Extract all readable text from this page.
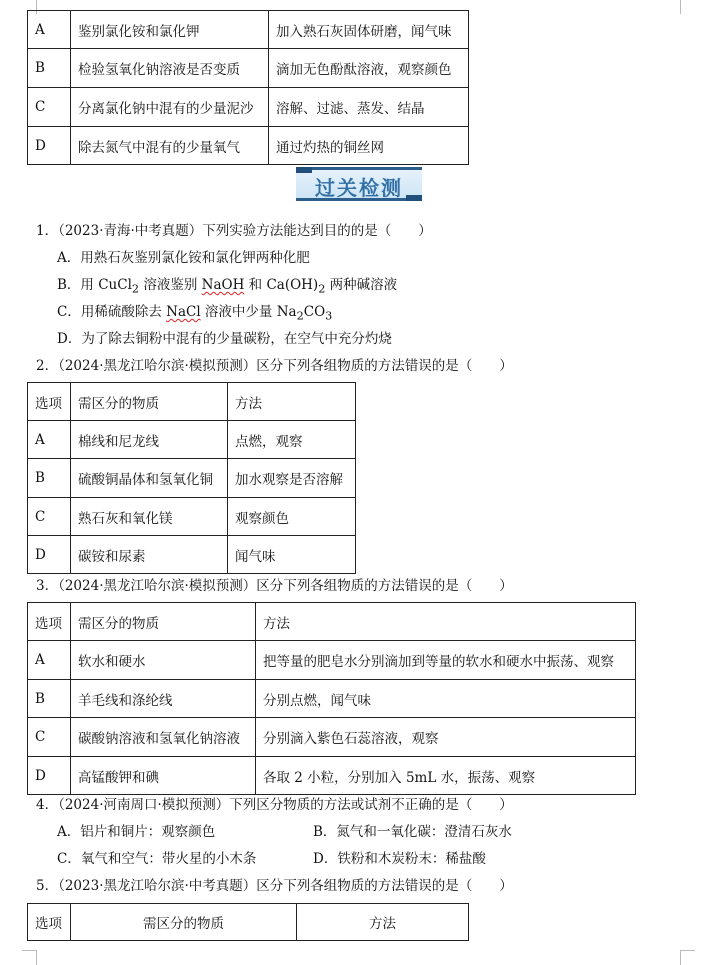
A	鉴别氯化铵和氯化钾	加入熟石灰固体研磨，闻气味
B	检验氢氧化钠溶液是否变质	滴加无色酚酞溶液，观察颜色
C	分离氯化钠中混有的少量泥沙	溶解、过滤、蒸发、结晶
D	除去氮气中混有的少量氧气	通过灼热的铜丝网
过关检测
1．（2023·青海·中考真题）下列实验方法能达到目的的是（　　）
A．用熟石灰鉴别氯化铵和氯化钾两种化肥
B．用 CuCl$_2$ 溶液鉴别 NaOH 和 $Ca(OH)_2$ 两种碱溶液
C．用稀硫酸除去 NaCl 溶液中少量 $Na_2CO_3$
D．为了除去铜粉中混有的少量碳粉，在空气中充分灼烧
2．（2024·黑龙江哈尔滨·模拟预测）区分下列各组物质的方法错误的是（　　）
选项	需区分的物质	方法
A	棉线和尼龙线	点燃，观察
B	硫酸铜晶体和氢氧化铜	加水观察是否溶解
C	熟石灰和氧化镁	观察颜色
D	碳铵和尿素	闻气味
3．（2024·黑龙江哈尔滨·模拟预测）区分下列各组物质的方法错误的是（　　）
选项	需区分的物质	方法
A	软水和硬水	把等量的肥皂水分别滴加到等量的软水和硬水中振荡、观察
B	羊毛线和涤纶线	分别点燃，闻气味
C	碳酸钠溶液和氢氧化钠溶液	分别滴入紫色石蕊溶液，观察
D	高锰酸钾和碘	各取 2 小粒，分别加入 5mL 水，振荡、观察
4．（2024·河南周口·模拟预测）下列区分物质的方法或试剂不正确的是（　　）
A．铝片和铜片：观察颜色	B．氮气和一氧化碳：澄清石灰水
C．氧气和空气：带火星的小木条	D．铁粉和木炭粉末：稀盐酸
5．（2023·黑龙江哈尔滨·中考真题）区分下列各组物质的方法错误的是（　　）
选项	需区分的物质	方法
